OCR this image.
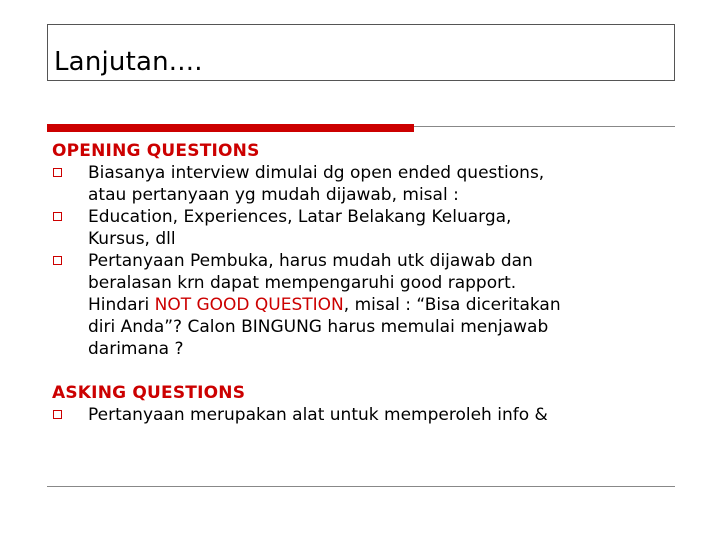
Lanjutan....

OPENING QUESTIONS

Biasanya interview dimulai dg open ended questions,
atau pertanyaan yg mudah dijawab, misal :
Education, Experiences, Latar Belakang Keluarga,
Kursus, dll
Pertanyaan Pembuka, harus mudah utk dijawab dan
beralasan krn dapat mempengaruhi good rapport.
Hindari NOT GOOD QUESTION, misal : “Bisa diceritakan
diri Anda”? Calon BINGUNG harus memulai menjawab
darimana ?

ASKING QUESTIONS

Pertanyaan merupakan alat untuk memperoleh info &
